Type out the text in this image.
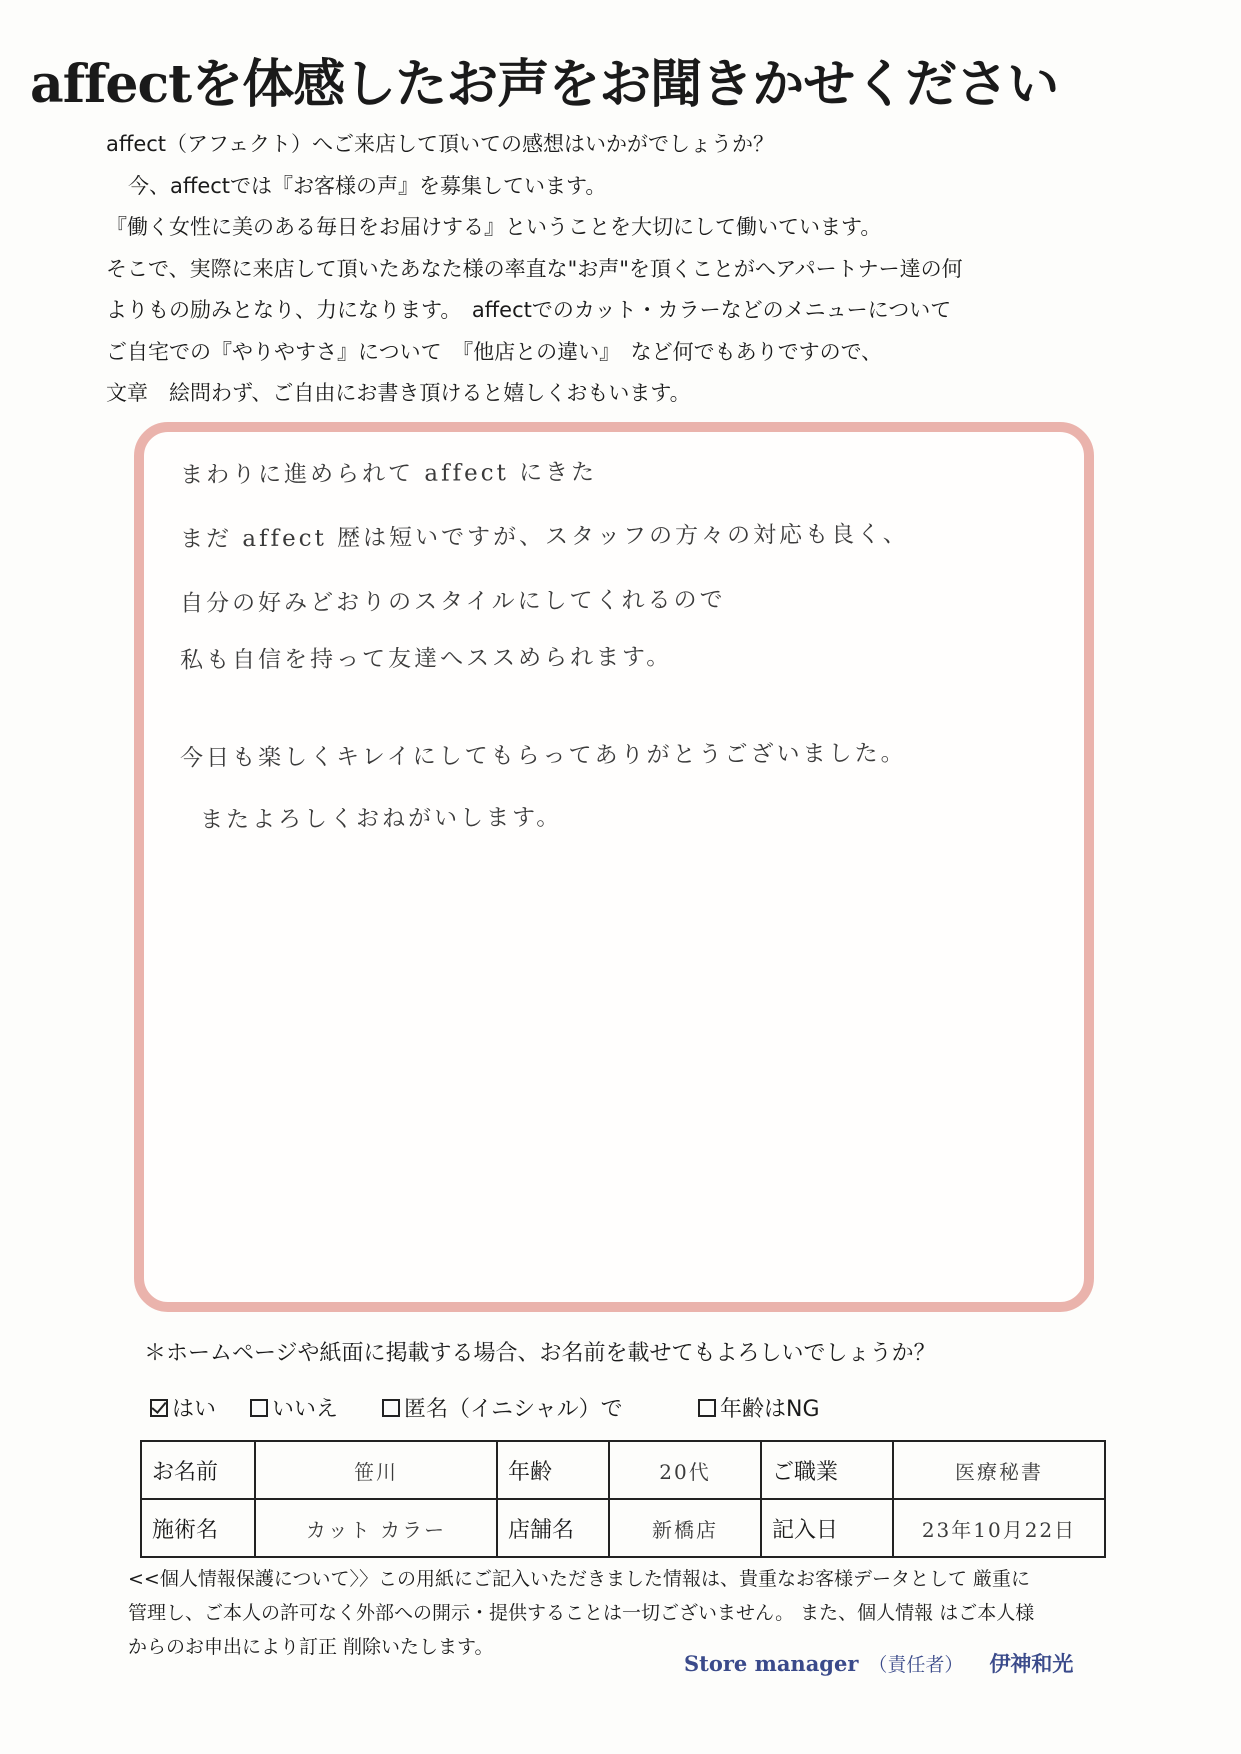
affectを体感したお声をお聞きかせください
affect（アフェクト）へご来店して頂いての感想はいかがでしょうか？
今、affectでは『お客様の声』を募集しています。
『働く女性に美のある毎日をお届けする』ということを大切にして働いています。
そこで、実際に来店して頂いたあなた様の率直な"お声"を頂くことがへアパートナー達の何
よりもの励みとなり、力になります。　affectでのカット・カラーなどのメニューについて
ご自宅での『やりやすさ』について　『他店との違い』　など何でもありですので、
文章　絵問わず、ご自由にお書き頂けると嬉しくおもいます。
まわりに進められて affect にきた
まだ affect 歴は短いですが、スタッフの方々の対応も良く、
自分の好みどおりのスタイルにしてくれるので
私も自信を持って友達へススめられます。
今日も楽しくキレイにしてもらってありがとうございました。
またよろしくおねがいします。
＊ホームページや紙面に掲載する場合、お名前を載せてもよろしいでしょうか？
はい	いいえ	匿名（イニシャル）で	年齢はNG
お名前	笹川	年齢	20代	ご職業	医療秘書
施術名	カット カラー	店舗名	新橋店	記入日	23年10月22日
<<個人情報保護について〉〉この用紙にご記入いただきました情報は、貴重なお客様データとして 厳重に
管理し、ご本人の許可なく外部への開示・提供することは一切ございません。 また、個人情報 はご本人様
からのお申出により訂正 削除いたします。
Store manager （責任者） 伊神和光
